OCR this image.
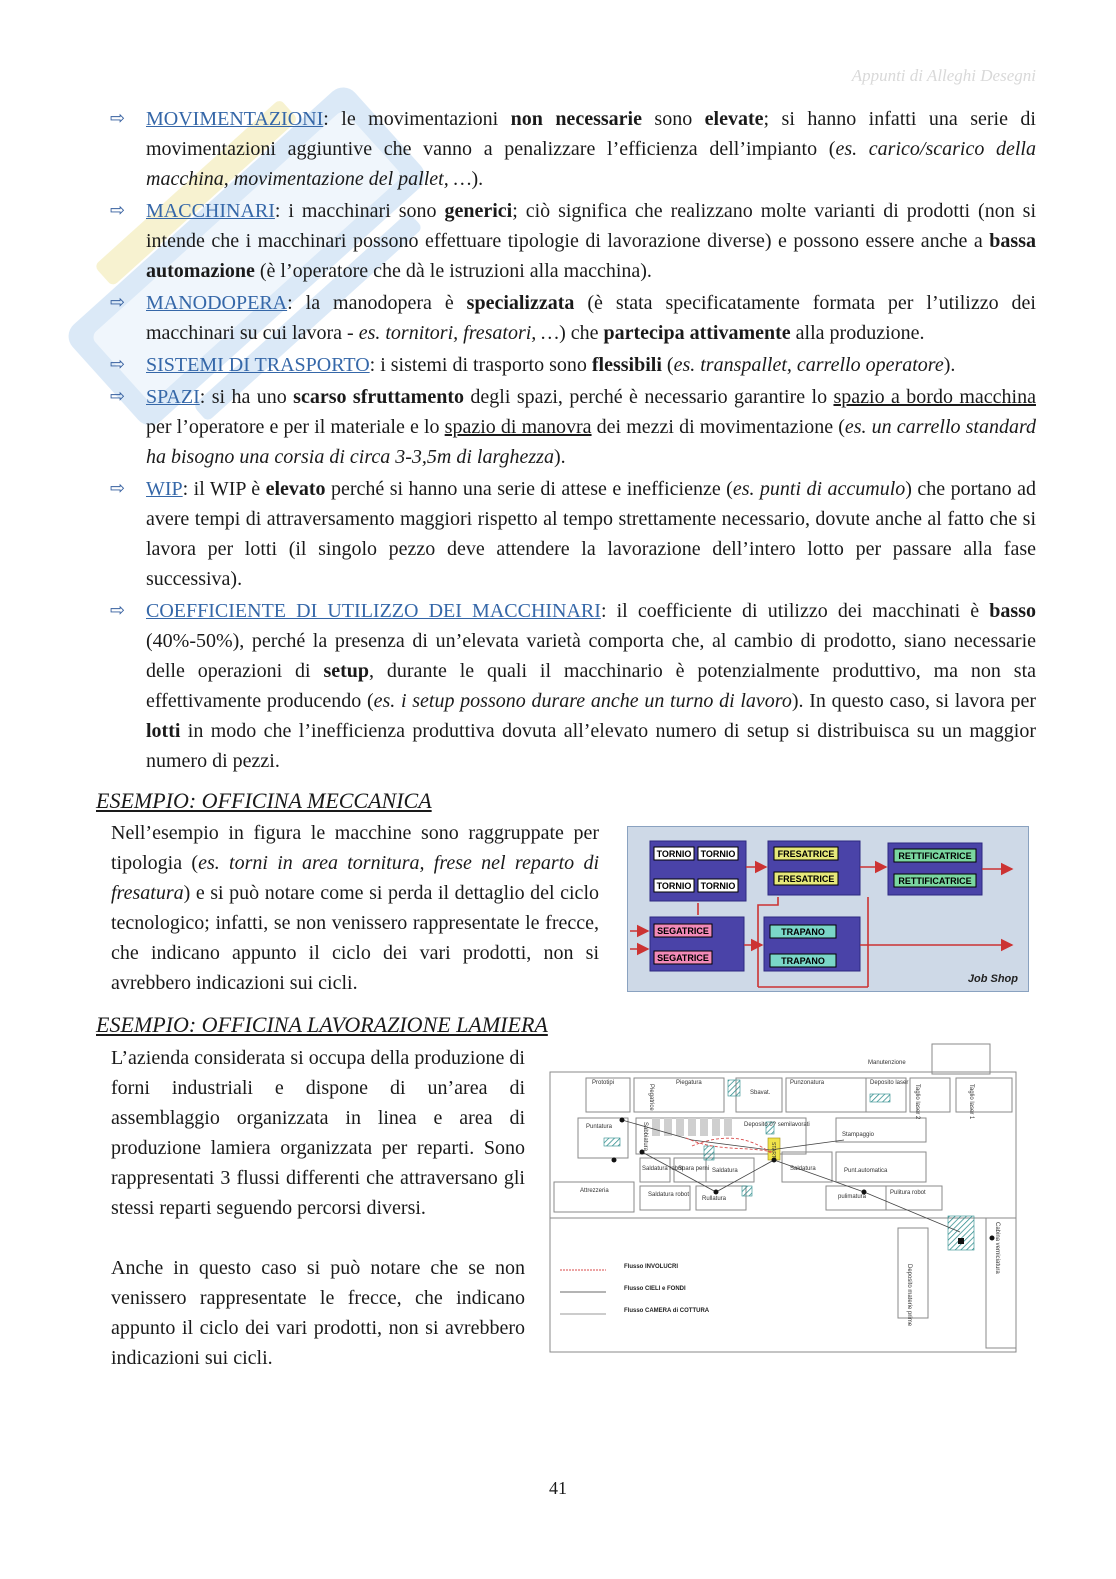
Appunti di Alleghi Desegni
⇨ MOVIMENTAZIONI: le movimentazioni non necessarie sono elevate; si hanno infatti una serie di movimentazioni aggiuntive che vanno a penalizzare l’efficienza dell’impianto (es. carico/scarico della macchina, movimentazione del pallet, …).
⇨ MACCHINARI: i macchinari sono generici; ciò significa che realizzano molte varianti di prodotti (non si intende che i macchinari possono effettuare tipologie di lavorazione diverse) e possono essere anche a bassa automazione (è l’operatore che dà le istruzioni alla macchina).
⇨ MANODOPERA: la manodopera è specializzata (è stata specificatamente formata per l’utilizzo dei macchinari su cui lavora - es. tornitori, fresatori, …) che partecipa attivamente alla produzione.
⇨ SISTEMI DI TRASPORTO: i sistemi di trasporto sono flessibili (es. transpallet, carrello operatore).
⇨ SPAZI: si ha uno scarso sfruttamento degli spazi, perché è necessario garantire lo spazio a bordo macchina per l’operatore e per il materiale e lo spazio di manovra dei mezzi di movimentazione (es. un carrello standard ha bisogno una corsia di circa 3-3,5m di larghezza).
⇨ WIP: il WIP è elevato perché si hanno una serie di attese e inefficienze (es. punti di accumulo) che portano ad avere tempi di attraversamento maggiori rispetto al tempo strettamente necessario, dovute anche al fatto che si lavora per lotti (il singolo pezzo deve attendere la lavorazione dell’intero lotto per passare alla fase successiva).
⇨ COEFFICIENTE DI UTILIZZO DEI MACCHINARI: il coefficiente di utilizzo dei macchinati è basso (40%-50%), perché la presenza di un’elevata varietà comporta che, al cambio di prodotto, siano necessarie delle operazioni di setup, durante le quali il macchinario è potenzialmente produttivo, ma non sta effettivamente producendo (es. i setup possono durare anche un turno di lavoro). In questo caso, si lavora per lotti in modo che l’inefficienza produttiva dovuta all’elevato numero di setup si distribuisca su un maggior numero di pezzi.
ESEMPIO: OFFICINA MECCANICA
Nell’esempio in figura le macchine sono raggruppate per tipologia (es. torni in area tornitura, frese nel reparto di fresatura) e si può notare come si perda il dettaglio del ciclo tecnologico; infatti, se non venissero rappresentate le frecce, che indicano appunto il ciclo dei vari prodotti, non si avrebbero indicazioni sui cicli.
TORNIO TORNIO
TORNIO TORNIO
FRESATRICE
FRESATRICE
RETTIFICATRICE
RETTIFICATRICE
SEGATRICE
SEGATRICE
TRAPANO
TRAPANO
Job Shop
ESEMPIO: OFFICINA LAVORAZIONE LAMIERA
L’azienda considerata si occupa della produzione di forni industriali e dispone di un’area di assemblaggio organizzata in linea e area di produzione lamiera organizzata per reparti. Sono rappresentati 3 flussi differenti che attraversano gli stessi reparti seguendo percorsi diversi.
Anche in questo caso si può notare che se non venissero rappresentate le frecce, che indicano appunto il ciclo dei vari prodotti, non si avrebbero indicazioni sui cicli.
Manutenzione
Prototipi
Piegatrice
Piegatura
Sbavat.
Punzonatura	Deposito laser
Taglio laser 2	Taglio laser 1
Puntatura	Sabbiatura	Deposito 0? semilavorati
Stampaggio
START
Saldatura robot
Spara perni Saldatura	Saldatura	Punt.automatica
Attrezzeria
Saldatura robot
Rullatura	pulimatura
Pulitura robot
Deposito materie prime
Cabina verniciatura
Flusso INVOLUCRI
Flusso CIELI e FONDI
Flusso CAMERA di COTTURA
41
